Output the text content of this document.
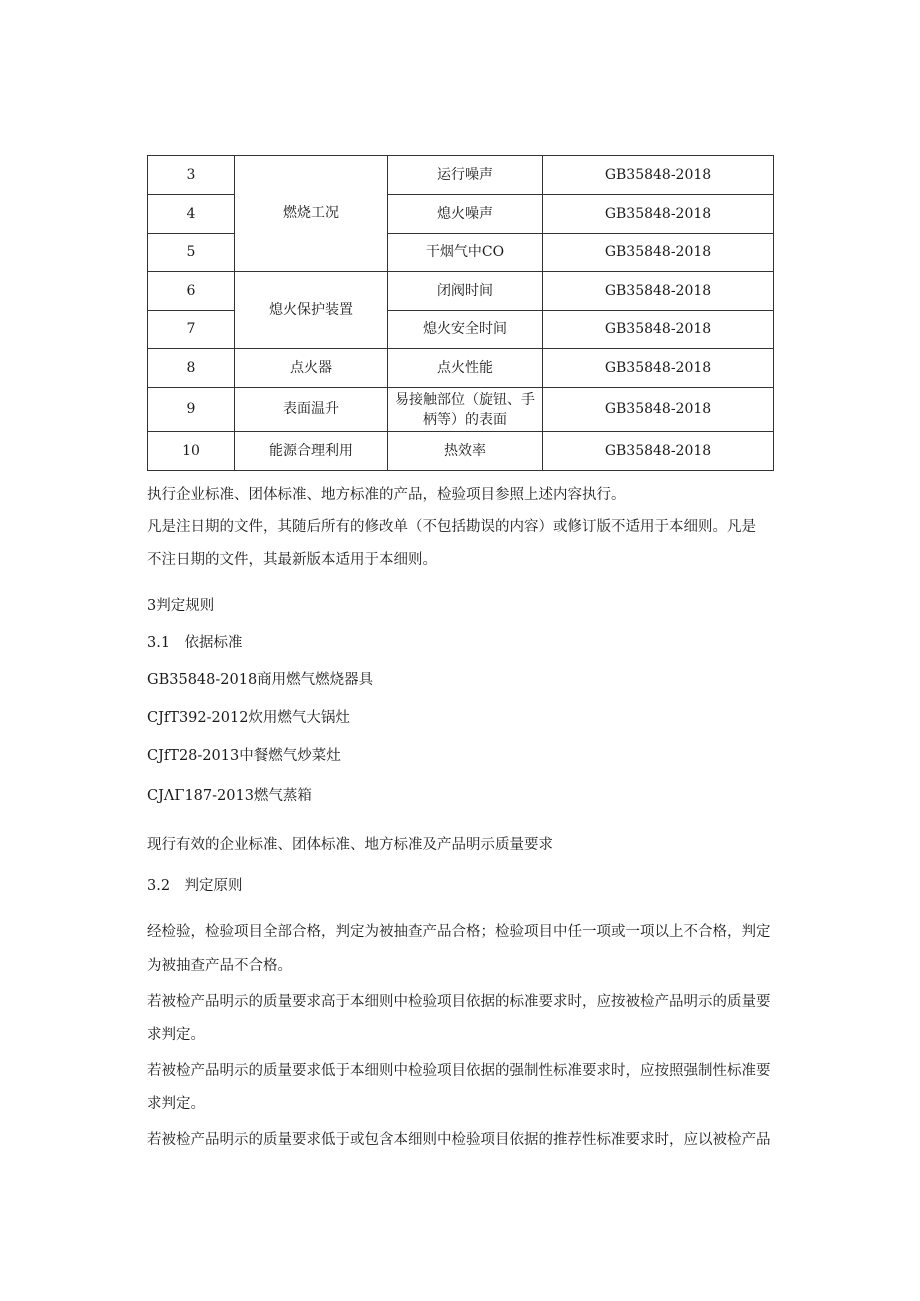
3	燃烧工况	运行噪声	GB35848-2018
4		熄火噪声	GB35848-2018
5		干烟气中CO	GB35848-2018
6	熄火保护装置	闭阀时间	GB35848-2018
7		熄火安全时间	GB35848-2018
8	点火器	点火性能	GB35848-2018
9	表面温升	易接触部位（旋钮、手柄等）的表面	GB35848-2018
10	能源合理利用	热效率	GB35848-2018
执行企业标准、团体标准、地方标准的产品，检验项目参照上述内容执行。
凡是注日期的文件，其随后所有的修改单（不包括勘误的内容）或修订版不适用于本细则。凡是
不注日期的文件，其最新版本适用于本细则。
3判定规则
3.1　依据标准
GB35848-2018商用燃气燃烧器具
CJfT392-2012炊用燃气大锅灶
CJfT28-2013中餐燃气炒菜灶
CJΛΓ187-2013燃气蒸箱
现行有效的企业标准、团体标准、地方标准及产品明示质量要求
3.2　判定原则
经检验，检验项目全部合格，判定为被抽查产品合格；检验项目中任一项或一项以上不合格，判定
为被抽查产品不合格。
若被检产品明示的质量要求高于本细则中检验项目依据的标准要求时，应按被检产品明示的质量要
求判定。
若被检产品明示的质量要求低于本细则中检验项目依据的强制性标准要求时，应按照强制性标准要
求判定。
若被检产品明示的质量要求低于或包含本细则中检验项目依据的推荐性标准要求时，应以被检产品
